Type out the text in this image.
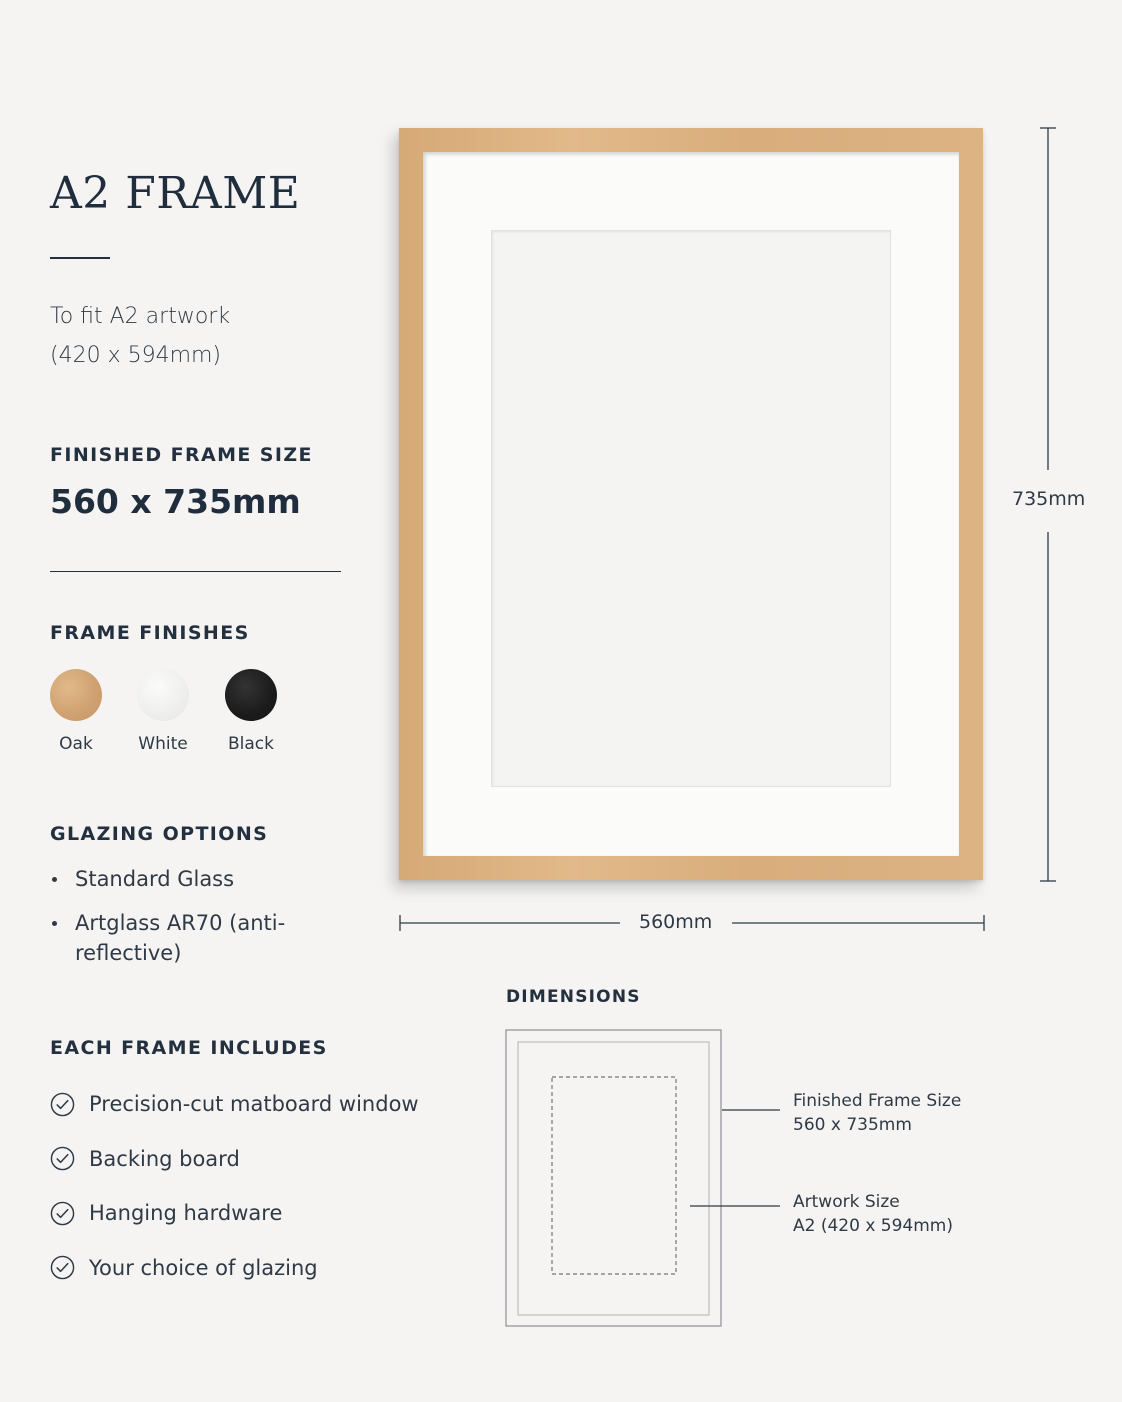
A2 FRAME
To fit A2 artwork
(420 x 594mm)
FINISHED FRAME SIZE
560 x 735mm
FRAME FINISHES
Oak	White	Black
GLAZING OPTIONS
Standard Glass
Artglass AR70 (anti-reflective)
EACH FRAME INCLUDES
Precision-cut matboard window
Backing board
Hanging hardware
Your choice of glazing
735mm
560mm
DIMENSIONS
Finished Frame Size
560 x 735mm
Artwork Size
A2 (420 x 594mm)
